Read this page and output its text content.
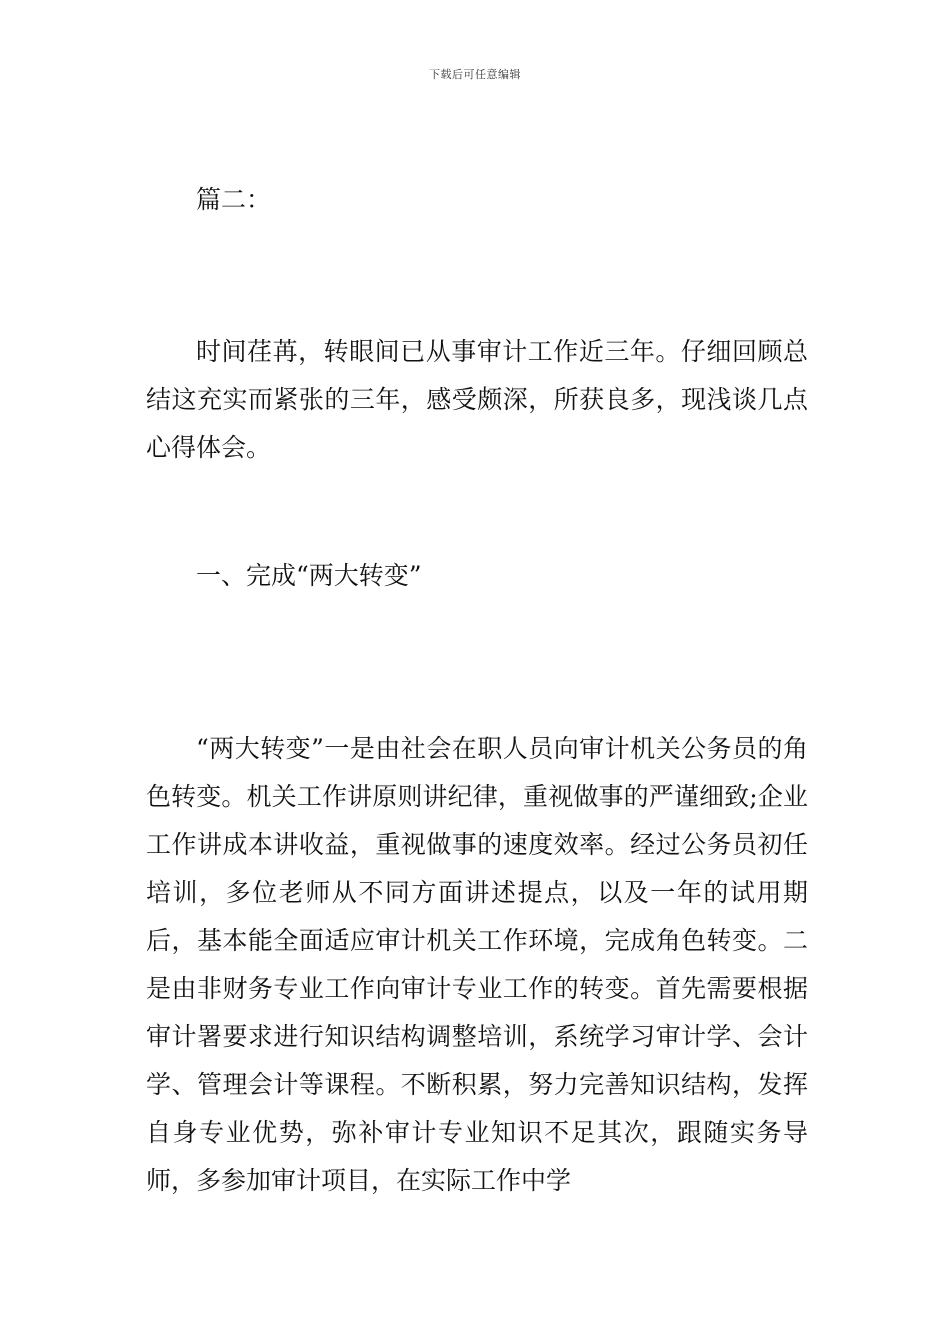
下载后可任意编辑

篇二：

时间荏苒，转眼间已从事审计工作近三年。仔细回顾总结这充实而紧张的三年，感受颇深，所获良多，现浅谈几点心得体会。

一、完成“两大转变”

“两大转变”一是由社会在职人员向审计机关公务员的角色转变。机关工作讲原则讲纪律，重视做事的严谨细致;企业工作讲成本讲收益，重视做事的速度效率。经过公务员初任培训，多位老师从不同方面讲述提点，以及一年的试用期后，基本能全面适应审计机关工作环境，完成角色转变。二是由非财务专业工作向审计专业工作的转变。首先需要根据审计署要求进行知识结构调整培训，系统学习审计学、会计学、管理会计等课程。不断积累，努力完善知识结构，发挥自身专业优势，弥补审计专业知识不足其次，跟随实务导师，多参加审计项目，在实际工作中学
